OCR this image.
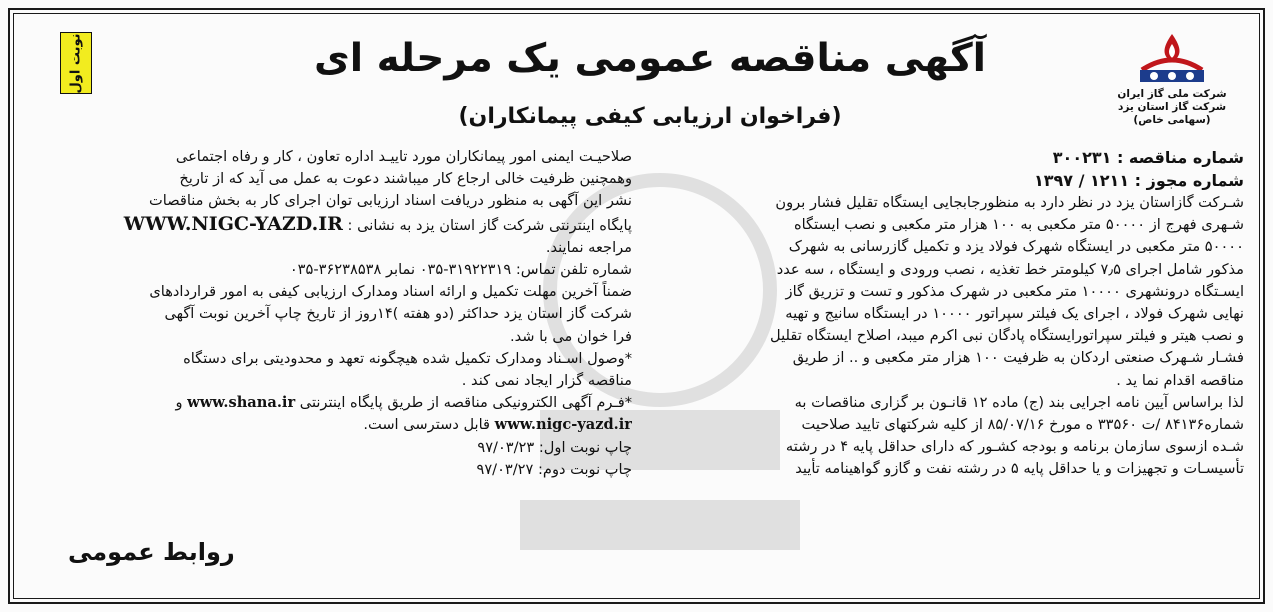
نوبت اول	آگهی مناقصه عمومی یک مرحله ای
(فراخوان ارزیابی کیفی پیمانکاران)
شرکت ملی گاز ایران
شرکت گاز استان یزد
(سهامی خاص)
شماره مناقصه : ۳۰۰۲۳۱
شماره مجوز : ۱۲۱۱ / ۱۳۹۷
شـرکت گازاستان یزد در نظر دارد به منظورجابجایی ایستگاه تقلیل فشار برون
شـهری فهرج از ۵۰۰۰۰ متر مکعبی به ۱۰۰ هزار متر مکعبی و نصب ایستگاه
۵۰۰۰۰ متر مکعبی در ایستگاه شهرک فولاد یزد و تکمیل گازرسانی به شهرک
مذکور شامل اجرای ۷٫۵ کیلومتر خط تغذیه ، نصب ورودی و ایستگاه ، سه عدد
ایسـتگاه درونشهری ۱۰۰۰۰ متر مکعبی در شهرک مذکور و تست و تزریق گاز
نهایی شهرک فولاد ، اجرای یک فیلتر سپراتور ۱۰۰۰۰ در ایستگاه سانیج و تهیه
و نصب هیتر و فیلتر سپراتورایستگاه پادگان نبی اکرم میبد، اصلاح ایستگاه تقلیل
فشـار شـهرک صنعتی اردکان به ظرفیت ۱۰۰ هزار متر مکعبی و .. از طریق
مناقصه اقدام نما ید .
لذا براساس آیین نامه اجرایی بند (ج) ماده ۱۲ قانـون بر گزاری مناقصات به
شماره۸۴۱۳۶ /ت ۳۳۵۶۰ ه مورخ ۸۵/۰۷/۱۶ از کلیه شرکتهای تایید صلاحیت
شـده ازسوی سازمان برنامه و بودجه کشـور که دارای حداقل پایه ۴ در رشته
تأسیسـات و تجهیزات و یا حداقل پایه ۵ در رشته نفت و گازو گواهینامه تأیید
صلاحیـت ایمنی امور پیمانکاران مورد تاییـد اداره تعاون ، کار و رفاه اجتماعی
وهمچنین ظرفیت خالی ارجاع کار میباشند دعوت به عمل می آید که از تاریخ
نشر این آگهی به منظور دریافت اسناد ارزیابی توان اجرای کار به بخش مناقصات
پایگاه اینترنتی شرکت گاز استان یزد به نشانی : WWW.NIGC-YAZD.IR
مراجعه نمایند.
شماره تلفن تماس: ۳۱۹۲۲۳۱۹-۰۳۵ نمابر ۳۶۲۳۸۵۳۸-۰۳۵
ضمناً آخرین مهلت تکمیل و ارائه اسناد ومدارک ارزیابی کیفی به امور قراردادهای
شرکت گاز استان یزد حداکثر (دو هفته )۱۴روز از تاریخ چاپ آخرین نوبت آگهی
فرا خوان می با شد.
*وصول اسـناد ومدارک تکمیل شده هیچگونه تعهد و محدودیتی برای دستگاه
مناقصه گزار ایجاد نمی کند .
*فـرم آگهی الکترونیکی مناقصه از طریق پایگاه اینترنتی www.shana.ir و
www.nigc-yazd.ir قابل دسترسی است.
چاپ نوبت اول: ۹۷/۰۳/۲۳
چاپ نوبت دوم: ۹۷/۰۳/۲۷
روابط عمومی
